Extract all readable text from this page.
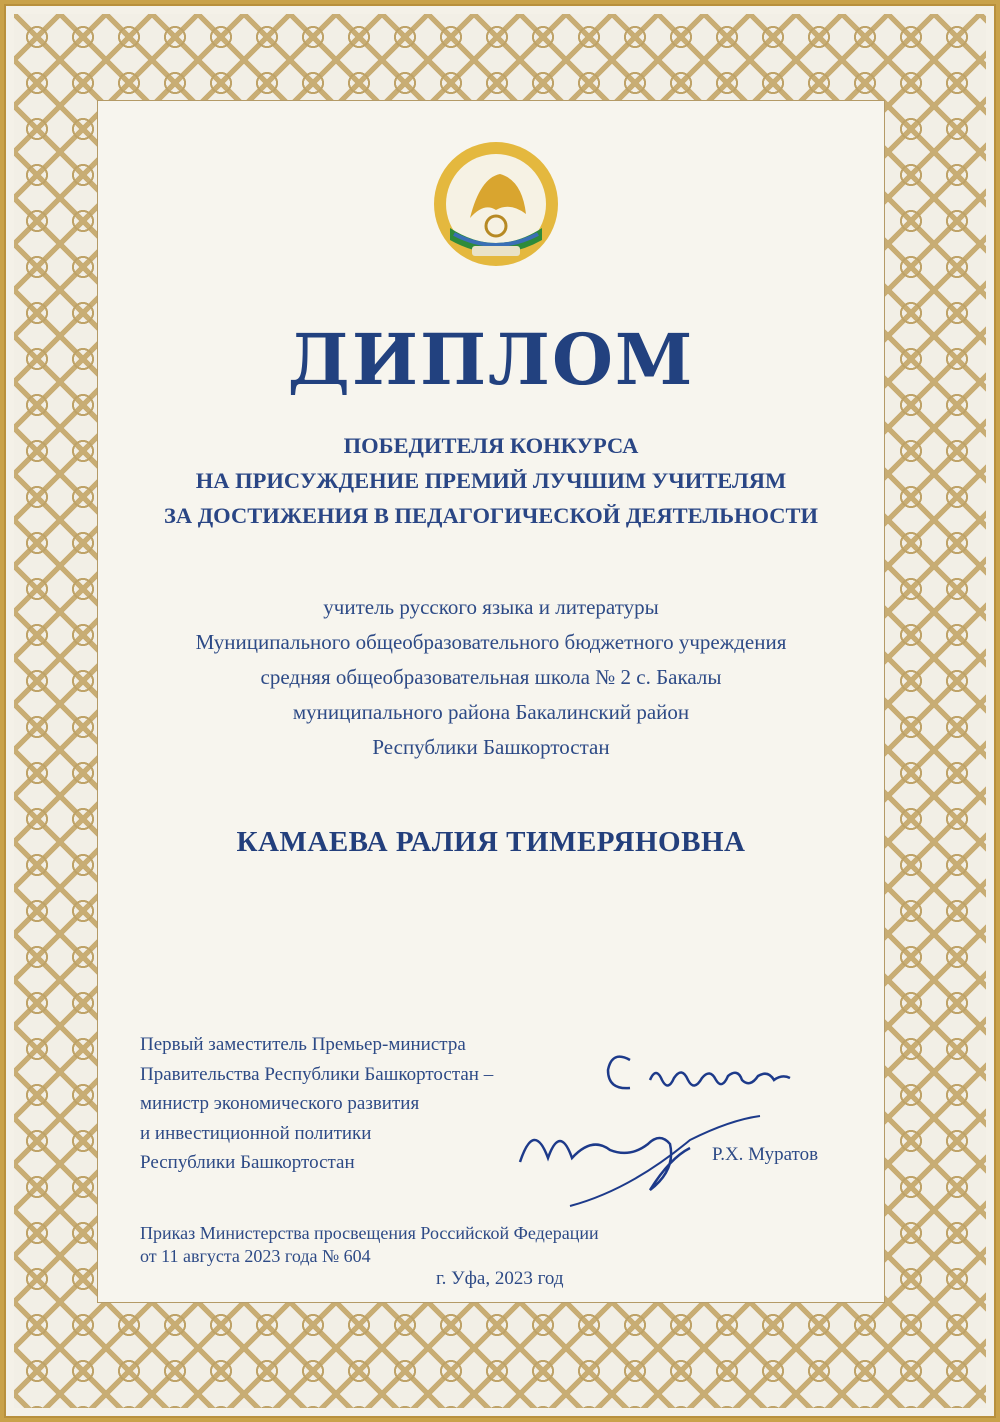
ДИПЛОМ
ПОБЕДИТЕЛЯ КОНКУРСА
НА ПРИСУЖДЕНИЕ ПРЕМИЙ ЛУЧШИМ УЧИТЕЛЯМ
ЗА ДОСТИЖЕНИЯ В ПЕДАГОГИЧЕСКОЙ ДЕЯТЕЛЬНОСТИ
учитель русского языка и литературы
Муниципального общеобразовательного бюджетного учреждения
средняя общеобразовательная школа № 2 с. Бакалы
муниципального района Бакалинский район
Республики Башкортостан
КАМАЕВА РАЛИЯ ТИМЕРЯНОВНА
Первый заместитель Премьер-министра
Правительства Республики Башкортостан –
министр экономического развития
и инвестиционной политики
Республики Башкортостан	Р.Х. Муратов
Приказ Министерства просвещения Российской Федерации
от 11 августа 2023 года № 604
г. Уфа, 2023 год
